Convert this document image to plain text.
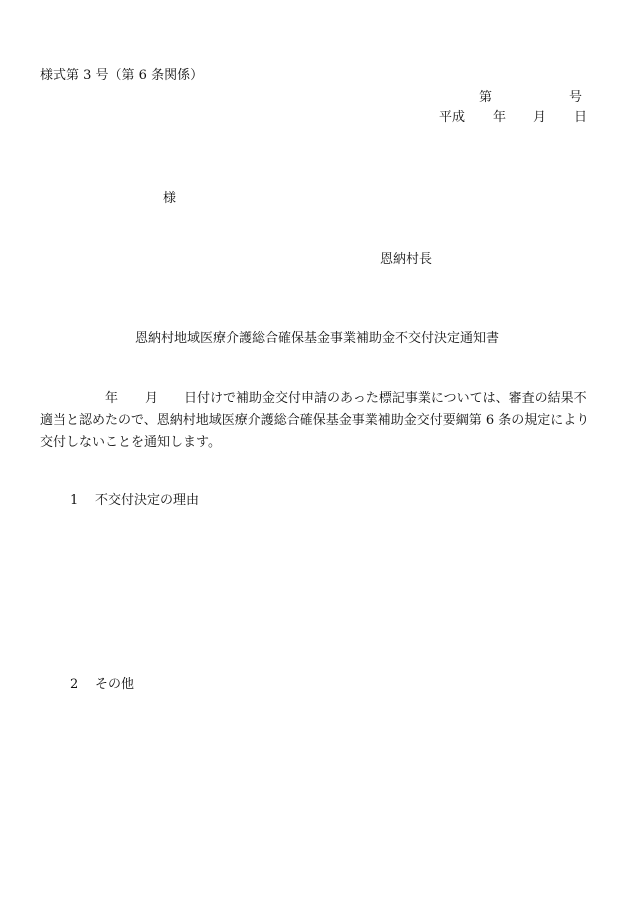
様式第 3 号（第 6 条関係）
第	号
平成 年 月 日
様
恩納村長
恩納村地域医療介護総合確保基金事業補助金不交付決定通知書
年 月 日付けで補助金交付申請のあった標記事業については、審査の結果不
適当と認めたので、恩納村地域医療介護総合確保基金事業補助金交付要綱第 6 条の規定により
交付しないことを通知します。
1 不交付決定の理由
2 その他
